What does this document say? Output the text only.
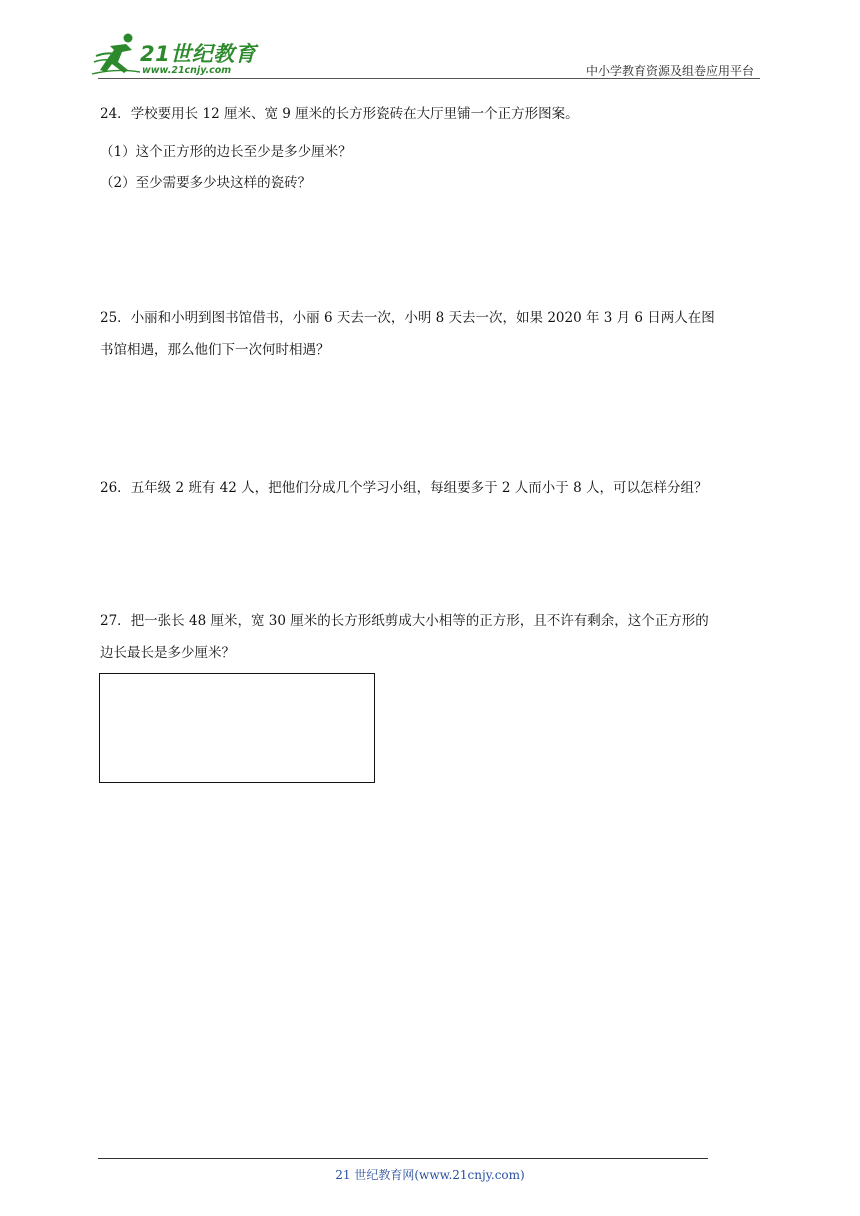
21世纪教育
www.21cnjy.com	中小学教育资源及组卷应用平台
24．学校要用长 12 厘米、宽 9 厘米的长方形瓷砖在大厅里铺一个正方形图案。
（1）这个正方形的边长至少是多少厘米？
（2）至少需要多少块这样的瓷砖？
25．小丽和小明到图书馆借书，小丽 6 天去一次，小明 8 天去一次，如果 2020 年 3 月 6 日两人在图
书馆相遇，那么他们下一次何时相遇？
26．五年级 2 班有 42 人，把他们分成几个学习小组，每组要多于 2 人而小于 8 人，可以怎样分组？
27．把一张长 48 厘米，宽 30 厘米的长方形纸剪成大小相等的正方形，且不许有剩余，这个正方形的
边长最长是多少厘米？
21 世纪教育网(www.21cnjy.com)
